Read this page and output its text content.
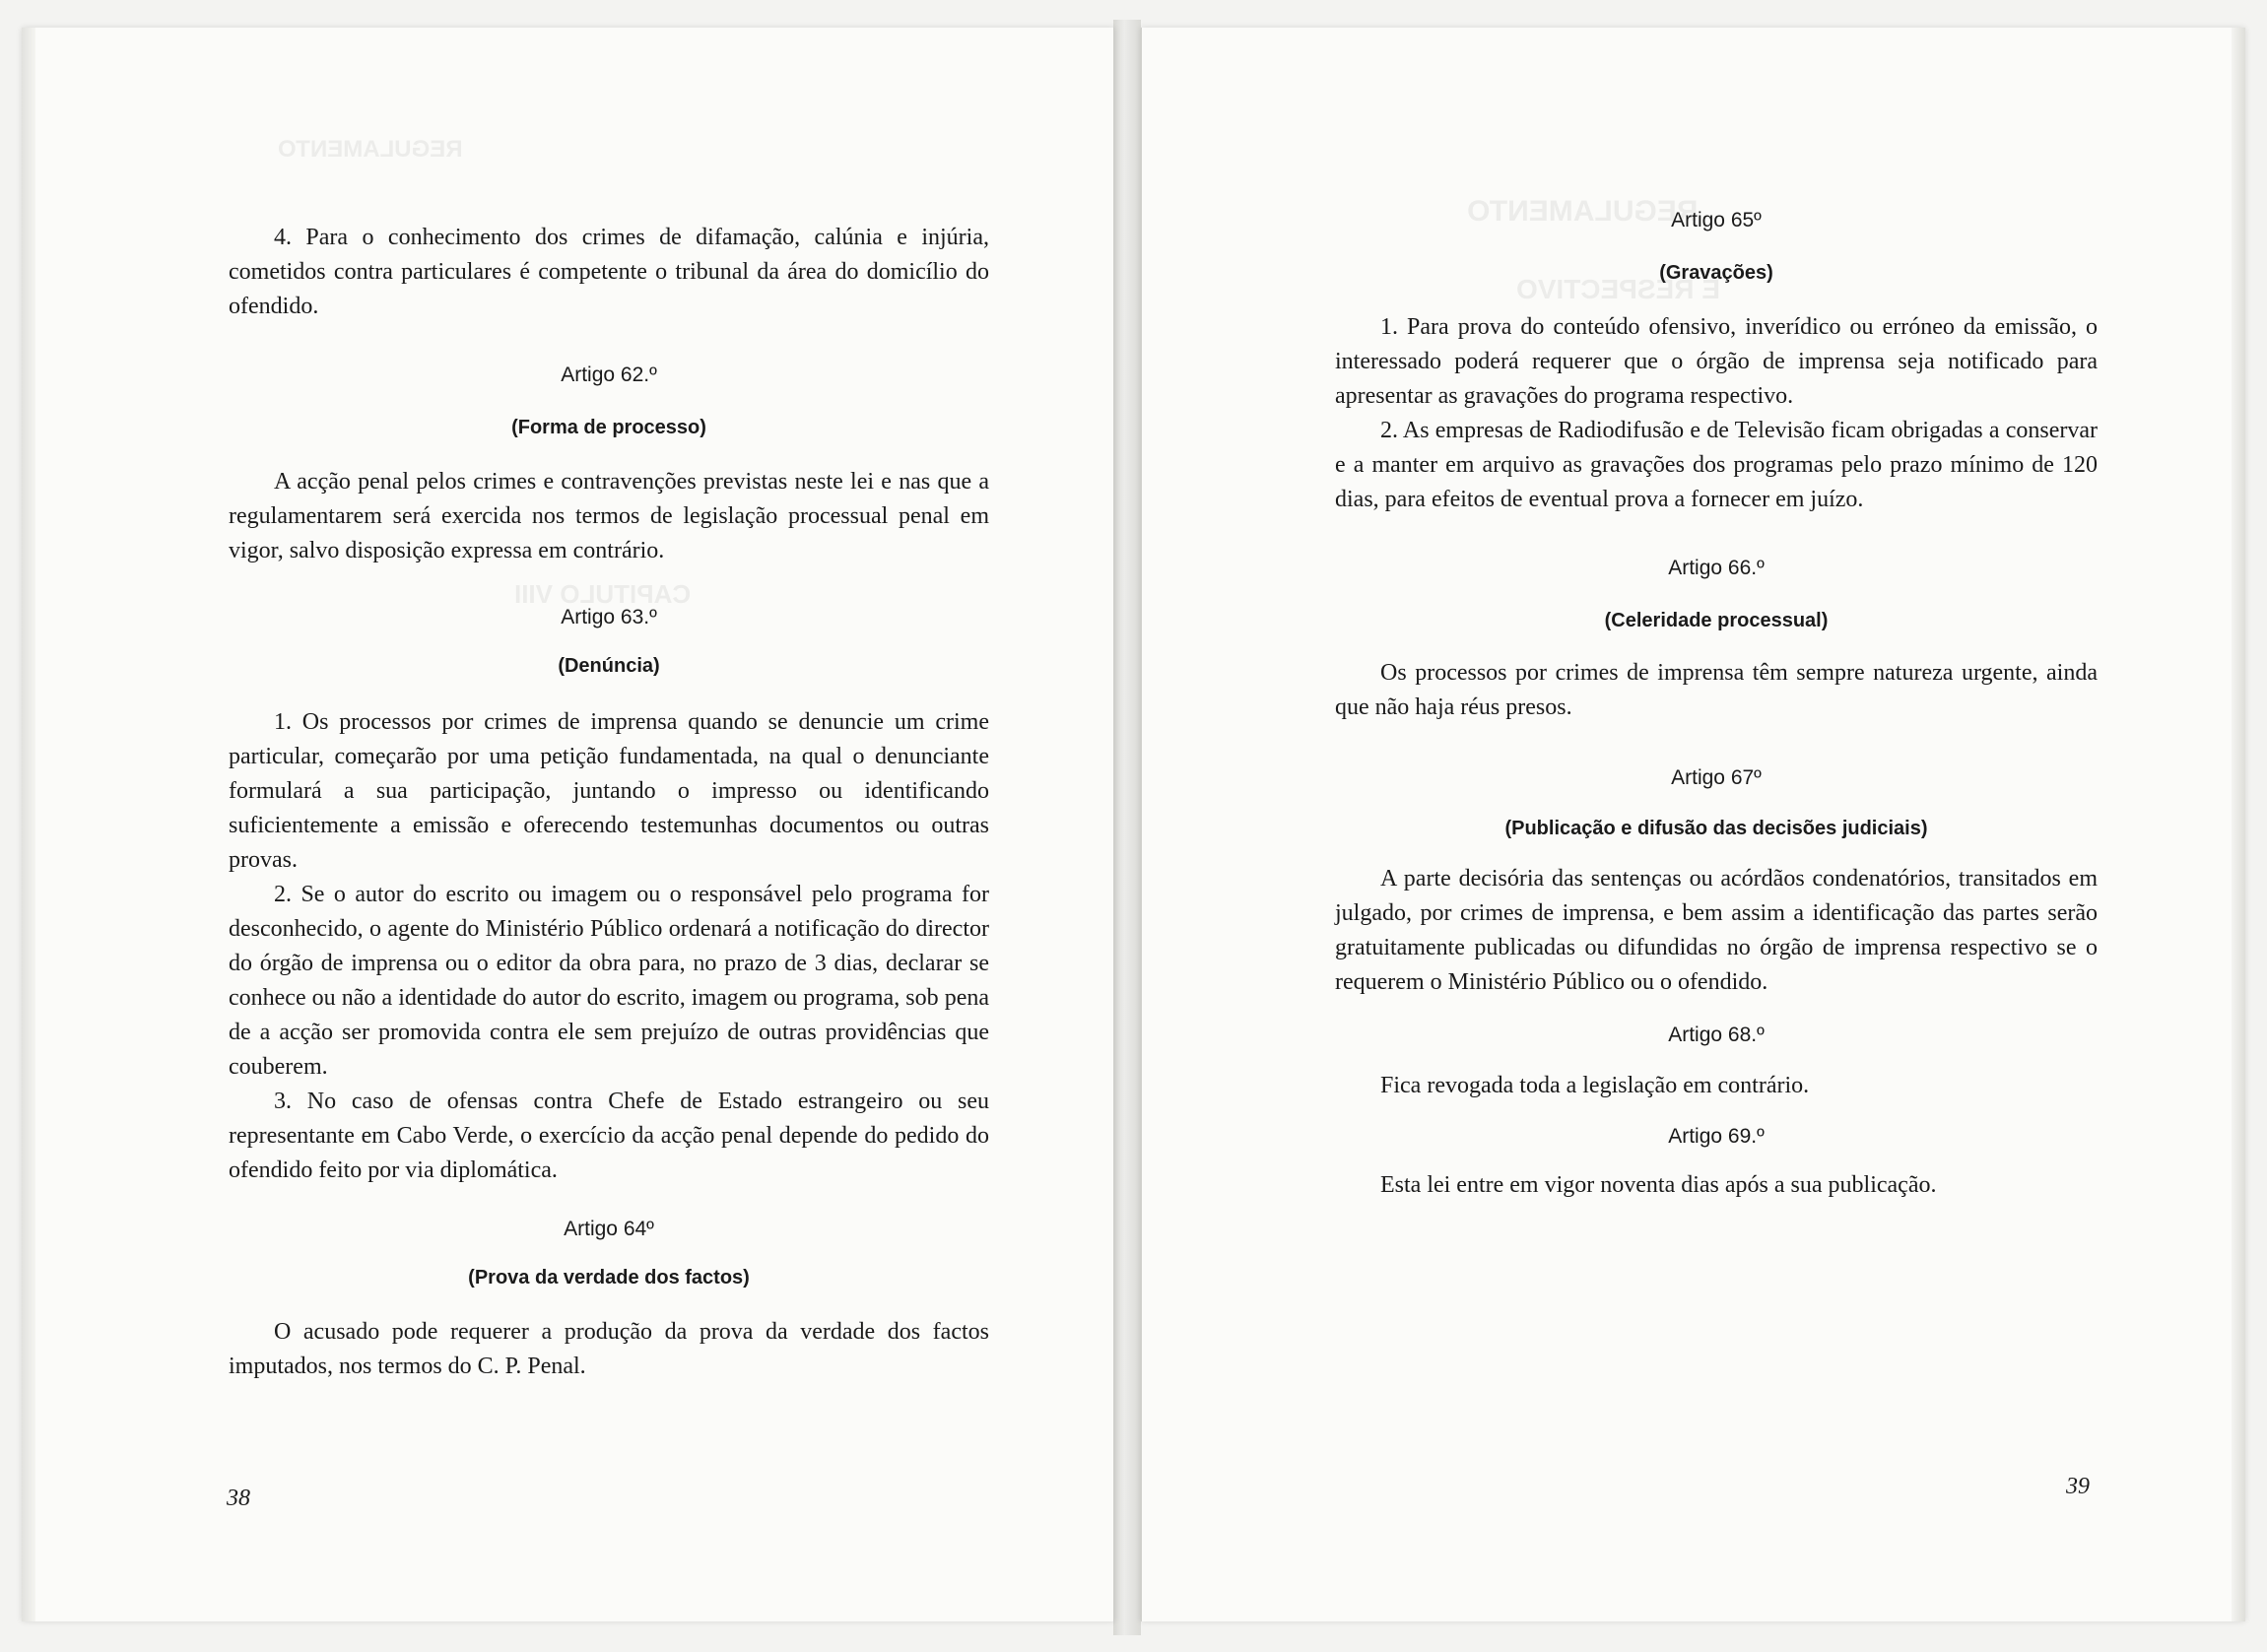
REGULAMENTO
CAPITULO VIII

4. Para o conhecimento dos crimes de difamação, calúnia e injúria, cometidos contra particulares é competente o tribunal da área do domicílio do ofendido.

Artigo 62.º

(Forma de processo)

A acção penal pelos crimes e contravenções previstas neste lei e nas que a regulamentarem será exercida nos termos de legislação processual penal em vigor, salvo disposição expressa em contrário.

Artigo 63.º

(Denúncia)

1. Os processos por crimes de imprensa quando se denuncie um crime particular, começarão por uma petição fundamentada, na qual o denunciante formulará a sua participação, juntando o impresso ou identificando suficientemente a emissão e oferecendo testemunhas documentos ou outras provas.

2. Se o autor do escrito ou imagem ou o responsável pelo programa for desconhecido, o agente do Ministério Público ordenará a notificação do director do órgão de imprensa ou o editor da obra para, no prazo de 3 dias, declarar se conhece ou não a identidade do autor do escrito, imagem ou programa, sob pena de a acção ser promovida contra ele sem prejuízo de outras providências que couberem.

3. No caso de ofensas contra Chefe de Estado estrangeiro ou seu representante em Cabo Verde, o exercício da acção penal depende do pedido do ofendido feito por via diplomática.

Artigo 64º

(Prova da verdade dos factos)

O acusado pode requerer a produção da prova da verdade dos factos imputados, nos termos do C. P. Penal.

38
REGULAMENTO
E RESPECTIVO

Artigo 65º

(Gravações)

1. Para prova do conteúdo ofensivo, inverídico ou erróneo da emissão, o interessado poderá requerer que o órgão de imprensa seja notificado para apresentar as gravações do programa respectivo.

2. As empresas de Radiodifusão e de Televisão ficam obrigadas a conservar e a manter em arquivo as gravações dos programas pelo prazo mínimo de 120 dias, para efeitos de eventual prova a fornecer em juízo.

Artigo 66.º

(Celeridade processual)

Os processos por crimes de imprensa têm sempre natureza urgente, ainda que não haja réus presos.

Artigo 67º

(Publicação e difusão das decisões judiciais)

A parte decisória das sentenças ou acórdãos condenatórios, transitados em julgado, por crimes de imprensa, e bem assim a identificação das partes serão gratuitamente publicadas ou difundidas no órgão de imprensa respectivo se o requerem o Ministério Público ou o ofendido.

Artigo 68.º

Fica revogada toda a legislação em contrário.

Artigo 69.º

Esta lei entre em vigor noventa dias após a sua publicação.

39
